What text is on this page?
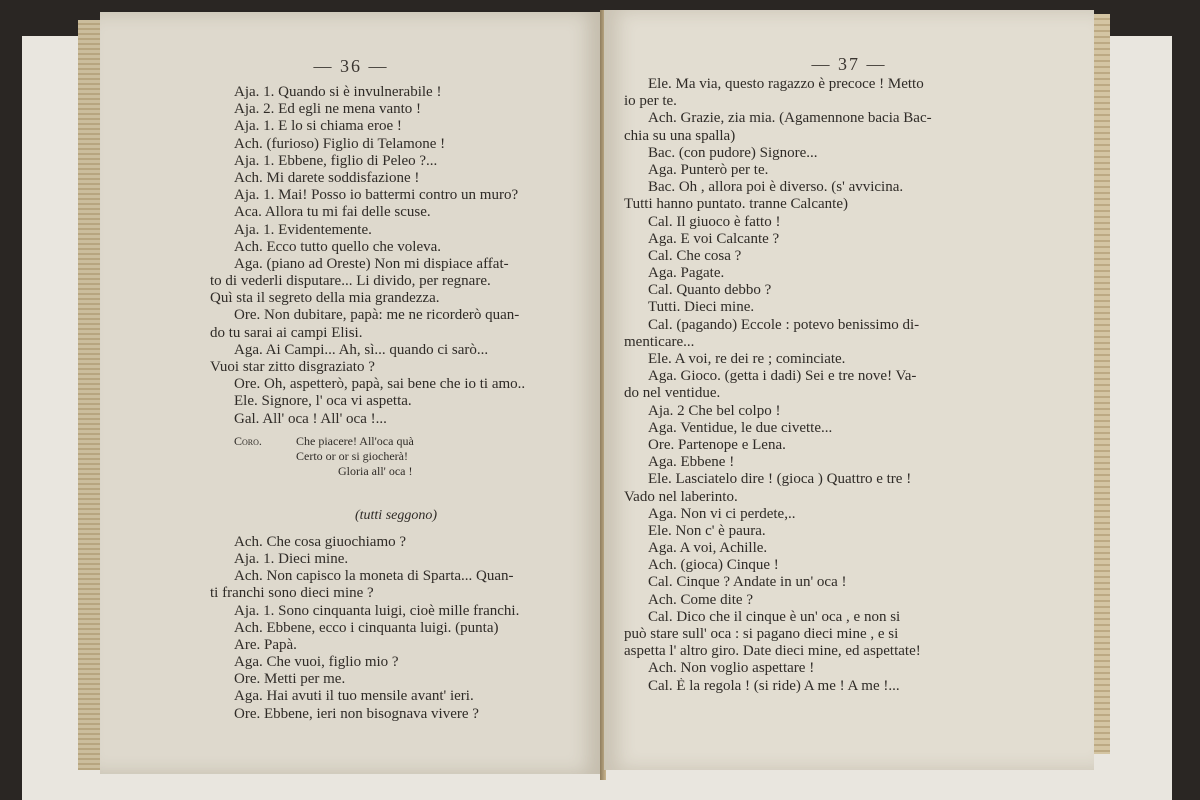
— 36 —
Aja. 1. Quando si è invulnerabile !
Aja. 2. Ed egli ne mena vanto !
Aja. 1. E lo si chiama eroe !
Ach. (furioso) Figlio di Telamone !
Aja. 1. Ebbene, figlio di Peleo ?...
Ach. Mi darete soddisfazione !
Aja. 1. Mai! Posso io battermi contro un muro?
Aca. Allora tu mi fai delle scuse.
Aja. 1. Evidentemente.
Ach. Ecco tutto quello che voleva.
Aga. (piano ad Oreste) Non mi dispiace affat-
to di vederli disputare... Li divido, per regnare.
Quì sta il segreto della mia grandezza.
Ore. Non dubitare, papà: me ne ricorderò quan-
do tu sarai ai campi Elisi.
Aga. Ai Campi... Ah, sì... quando ci sarò...
Vuoi star zitto disgraziato ?
Ore. Oh, aspetterò, papà, sai bene che io ti amo..
Ele. Signore, l' oca vi aspetta.
Gal. All' oca ! All' oca !...
Coro.	Che piacere! All'oca quà
Certo or or si giocherà!
Gloria all' oca !
(tutti seggono)
Ach. Che cosa giuochiamo ?
Aja. 1. Dieci mine.
Ach. Non capisco la moneta di Sparta... Quan-
ti franchi sono dieci mine ?
Aja. 1. Sono cinquanta luigi, cioè mille franchi.
Ach. Ebbene, ecco i cinquanta luigi. (punta)
Are. Papà.
Aga. Che vuoi, figlio mio ?
Ore. Metti per me.
Aga. Hai avuti il tuo mensile avant' ieri.
Ore. Ebbene, ieri non bisognava vivere ?
— 37 —
Ele. Ma via, questo ragazzo è precoce ! Metto
io per te.
Ach. Grazie, zia mia. (Agamennone bacia Bac-
chia su una spalla)
Bac. (con pudore) Signore...
Aga. Punterò per te.
Bac. Oh , allora poi è diverso. (s' avvicina.
Tutti hanno puntato. tranne Calcante)
Cal. Il giuoco è fatto !
Aga. E voi Calcante ?
Cal. Che cosa ?
Aga. Pagate.
Cal. Quanto debbo ?
Tutti. Dieci mine.
Cal. (pagando) Eccole : potevo benissimo di-
menticare...
Ele. A voi, re dei re ; cominciate.
Aga. Gioco. (getta i dadi) Sei e tre nove! Va-
do nel ventidue.
Aja. 2 Che bel colpo !
Aga. Ventidue, le due civette...
Ore. Partenope e Lena.
Aga. Ebbene !
Ele. Lasciatelo dire ! (gioca ) Quattro e tre !
Vado nel laberinto.
Aga. Non vi ci perdete,..
Ele. Non c' è paura.
Aga. A voi, Achille.
Ach. (gioca) Cinque !
Cal. Cinque ? Andate in un' oca !
Ach. Come dite ?
Cal. Dico che il cinque è un' oca , e non si
può stare sull' oca : si pagano dieci mine , e si
aspetta l' altro giro. Date dieci mine, ed aspettate!
Ach. Non voglio aspettare !
Cal. È la regola ! (si ride) A me ! A me !...
